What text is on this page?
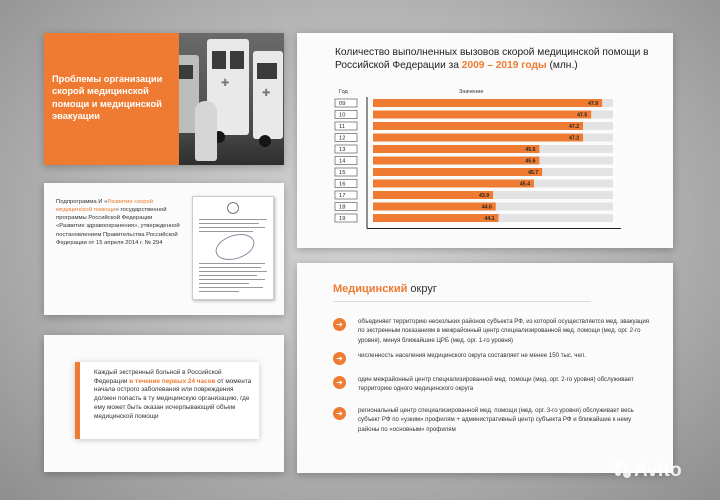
Проблемы организации скорой медицинской помощи и медицинской эвакуации
✚
✚
Подпрограмма И «Развитие скорой медицинской помощи» государственной программы Российской Федерации «Развитие здравоохранения», утвержденной постановлением Правительства Российской Федерации от 15 апреля 2014 г. № 294
Каждый экстренный больной в Российской Федерации в течение первых 24 часов от момента начала острого заболевания или повреждения должен попасть в ту медицинскую организацию, где ему может быть оказан исчерпывающий объем медицинской помощи
Количество выполненных вызовов скорой медицинской помощи в Российской Федерации за 2009 – 2019 годы (млн.)
Год	Значение
09	47.9
10	47.5
11	47.2
12	47.2
13	45.6
14	45.6
15	45.7
16	45.4
17	43.9
18	44.0
19	44.1
Медицинский округ
➔	объединяет территорию нескольких районов субъекта РФ, из которой осуществляется мед. эвакуация по экстренным показаниям в межрайонный центр специализированной мед. помощи (мед. орг. 2-го уровня), минуя ближайшие ЦРБ (мед. орг. 1-го уровня)
➔	численность населения медицинского округа составляет не менее 150 тыс. чел.
➔	один межрайонный центр специализированной мед. помощи (мед. орг. 2-го уровня) обслуживает территорию одного медицинского округа
➔	региональный центр специализированной мед. помощи (мед. орг. 3-го уровня) обслуживает весь субъект РФ по «узким» профилям + административный центр субъекта РФ и ближайшие к нему районы по «основным» профилям
Avito
